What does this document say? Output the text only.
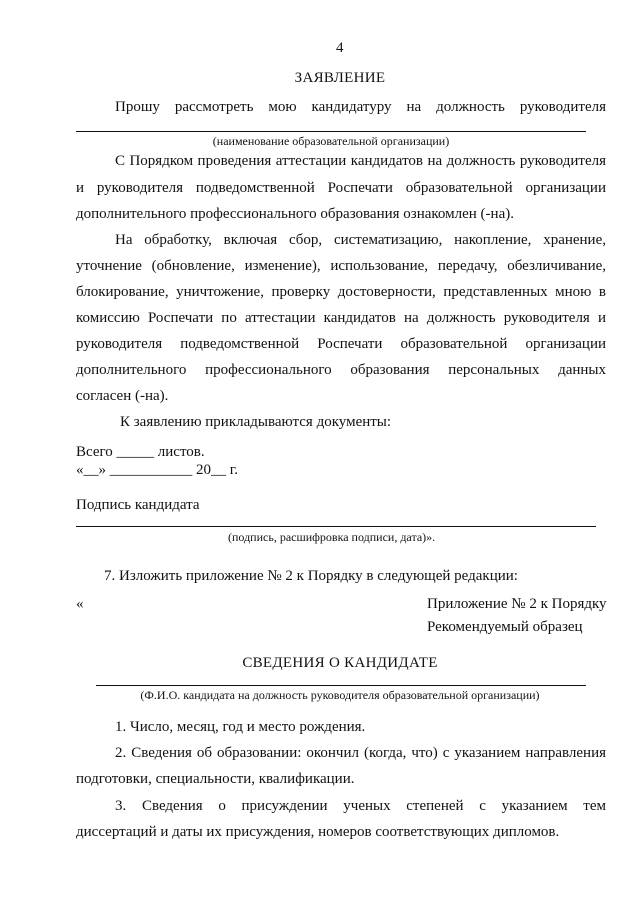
4
ЗАЯВЛЕНИЕ
Прошу рассмотреть мою кандидатуру на должность руководителя
(наименование образовательной организации)
С Порядком проведения аттестации кандидатов на должность руководителя
и руководителя подведомственной Роспечати образовательной организации
дополнительного профессионального образования ознакомлен (-на).
На обработку, включая сбор, систематизацию, накопление, хранение,
уточнение (обновление, изменение), использование, передачу, обезличивание,
блокирование, уничтожение, проверку достоверности, представленных мною в
комиссию Роспечати по аттестации кандидатов на должность руководителя и
руководителя подведомственной Роспечати образовательной организации
дополнительного профессионального образования персональных данных
согласен (-на).
К заявлению прикладываются документы:
Всего _____ листов.
«__» ___________ 20__ г.
Подпись кандидата
(подпись, расшифровка подписи, дата)».
7. Изложить приложение № 2 к Порядку в следующей редакции:
«	Приложение № 2 к Порядку
Рекомендуемый образец
СВЕДЕНИЯ О КАНДИДАТЕ
(Ф.И.О. кандидата на должность руководителя образовательной организации)
1. Число, месяц, год и место рождения.
2. Сведения об образовании: окончил (когда, что) с указанием направления
подготовки, специальности, квалификации.
3. Сведения о присуждении ученых степеней с указанием тем
диссертаций и даты их присуждения, номеров соответствующих дипломов.
